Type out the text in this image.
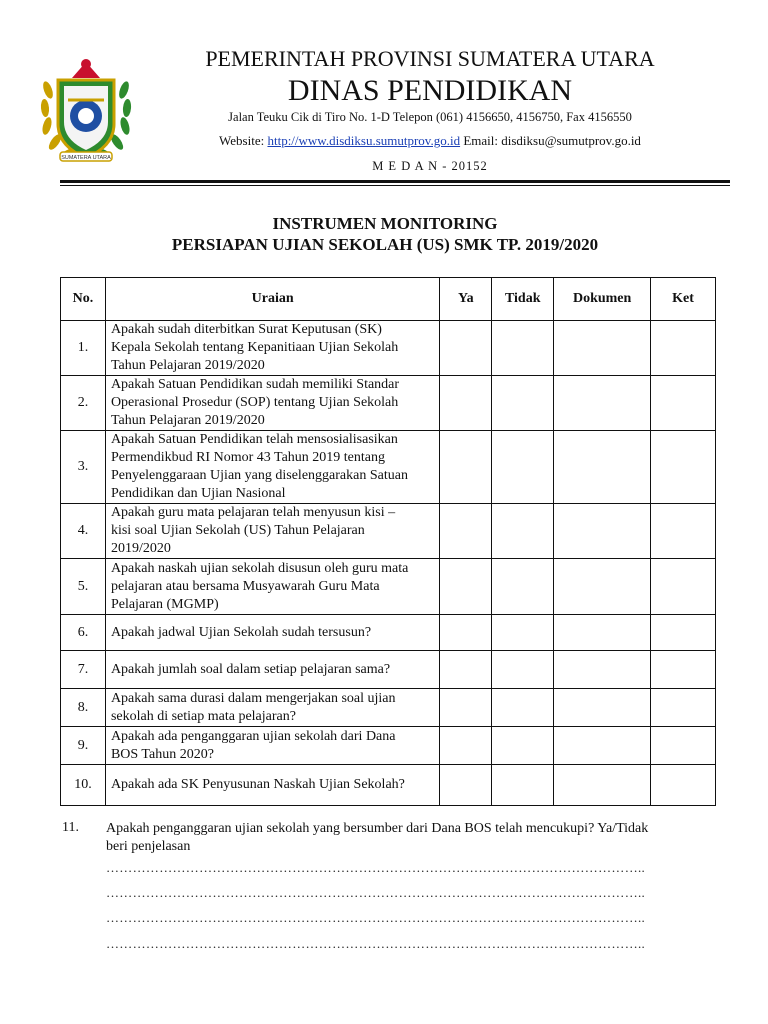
SUMATERA UTARA
PEMERINTAH PROVINSI SUMATERA UTARA
DINAS PENDIDIKAN
Jalan Teuku Cik di Tiro No. 1-D Telepon (061) 4156650, 4156750, Fax 4156550
Website: http://www.disdiksu.sumutprov.go.id Email: disdiksu@sumutprov.go.id
M E D A N - 20152
INSTRUMEN MONITORING
PERSIAPAN UJIAN SEKOLAH (US) SMK TP. 2019/2020
No.	Uraian	Ya	Tidak	Dokumen	Ket
1.	Apakah sudah diterbitkan Surat Keputusan (SK)
Kepala Sekolah tentang Kepanitiaan Ujian Sekolah
Tahun Pelajaran 2019/2020				

2.	Apakah Satuan Pendidikan sudah memiliki Standar
Operasional Prosedur (SOP) tentang Ujian Sekolah
Tahun Pelajaran 2019/2020				

3.	Apakah Satuan Pendidikan telah mensosialisasikan
Permendikbud RI Nomor 43 Tahun 2019 tentang
Penyelenggaraan Ujian yang diselenggarakan Satuan
Pendidikan dan Ujian Nasional				

4.	Apakah guru mata pelajaran telah menyusun kisi –
kisi soal Ujian Sekolah (US) Tahun Pelajaran
2019/2020				

5.	Apakah naskah ujian sekolah disusun oleh guru mata
pelajaran atau bersama Musyawarah Guru Mata
Pelajaran (MGMP)				

6.	Apakah jadwal Ujian Sekolah sudah tersusun?				

7.	Apakah jumlah soal dalam setiap pelajaran sama?				

8.	Apakah sama durasi dalam mengerjakan soal ujian
sekolah di setiap mata pelajaran?				

9.	Apakah ada penganggaran ujian sekolah dari Dana
BOS Tahun 2020?				

10.	Apakah ada SK Penyusunan Naskah Ujian Sekolah?				

11. Apakah penganggaran ujian sekolah yang bersumber dari Dana BOS telah mencukupi? Ya/Tidak
beri penjelasan
…………………………………………………………………………………………………………..
…………………………………………………………………………………………………………..
…………………………………………………………………………………………………………..
…………………………………………………………………………………………………………..
